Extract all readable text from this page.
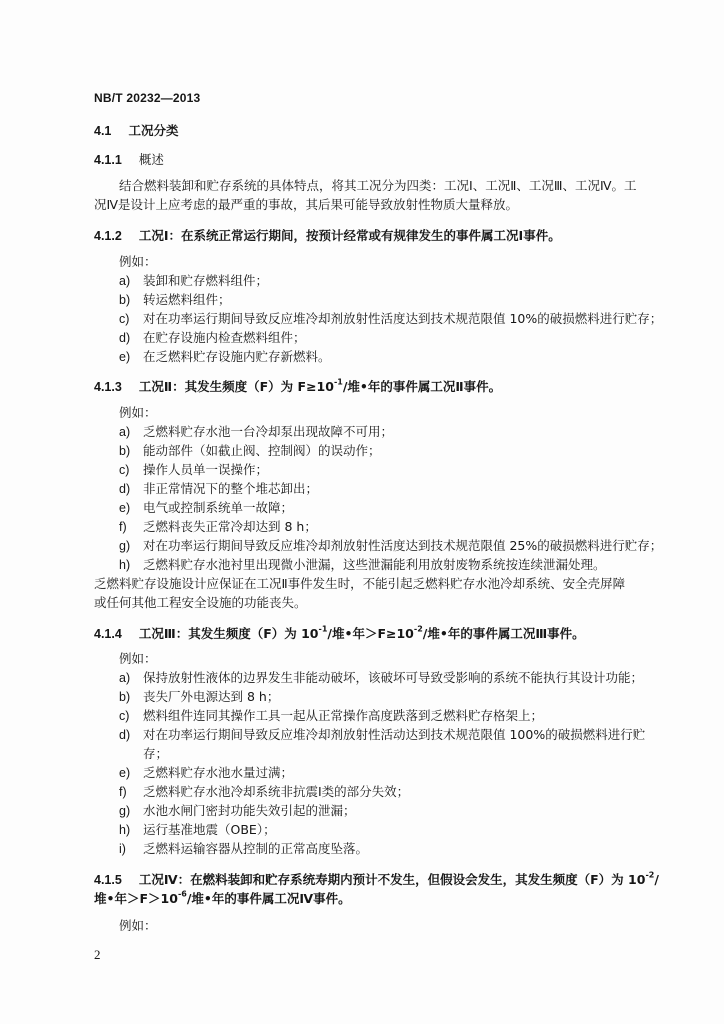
NB/T 20232—2013
4.1 工况分类
4.1.1 概述
结合燃料装卸和贮存系统的具体特点，将其工况分为四类：工况Ⅰ、工况Ⅱ、工况Ⅲ、工况Ⅳ。工
况Ⅳ是设计上应考虑的最严重的事故，其后果可能导致放射性物质大量释放。
4.1.2 工况Ⅰ：在系统正常运行期间，按预计经常或有规律发生的事件属工况Ⅰ事件。
例如：
a) 装卸和贮存燃料组件；
b) 转运燃料组件；
c) 对在功率运行期间导致反应堆冷却剂放射性活度达到技术规范限值 10%的破损燃料进行贮存；
d) 在贮存设施内检查燃料组件；
e) 在乏燃料贮存设施内贮存新燃料。
4.1.3 工况Ⅱ：其发生频度（F）为 $F\ge 10^{-1}/$堆•年的事件属工况Ⅱ事件。
例如：
a) 乏燃料贮存水池一台冷却泵出现故障不可用；
b) 能动部件（如截止阀、控制阀）的误动作；
c) 操作人员单一误操作；
d) 非正常情况下的整个堆芯卸出；
e) 电气或控制系统单一故障；
f) 乏燃料丧失正常冷却达到 8 h；
g) 对在功率运行期间导致反应堆冷却剂放射性活度达到技术规范限值 25%的破损燃料进行贮存；
h) 乏燃料贮存水池衬里出现微小泄漏，这些泄漏能利用放射废物系统按连续泄漏处理。
乏燃料贮存设施设计应保证在工况Ⅱ事件发生时，不能引起乏燃料贮存水池冷却系统、安全壳屏障
或任何其他工程安全设施的功能丧失。
4.1.4 工况Ⅲ：其发生频度（F）为 $10^{-1}/$堆•年$>F\ge 10^{-2}/$堆•年的事件属工况Ⅲ事件。
例如：
a) 保持放射性液体的边界发生非能动破坏，该破坏可导致受影响的系统不能执行其设计功能；
b) 丧失厂外电源达到 8 h；
c) 燃料组件连同其操作工具一起从正常操作高度跌落到乏燃料贮存格架上；
d) 对在功率运行期间导致反应堆冷却剂放射性活动达到技术规范限值 100%的破损燃料进行贮
存；
e) 乏燃料贮存水池水量过满；
f) 乏燃料贮存水池冷却系统非抗震Ⅰ类的部分失效；
g) 水池水闸门密封功能失效引起的泄漏；
h) 运行基准地震（OBE）；
i) 乏燃料运输容器从控制的正常高度坠落。
4.1.5 工况Ⅳ：在燃料装卸和贮存系统寿期内预计不发生，但假设会发生，其发生频度（F）为 $10^{-2}/$
堆•年$>F>10^{-6}/$堆•年的事件属工况Ⅳ事件。
例如：
2
